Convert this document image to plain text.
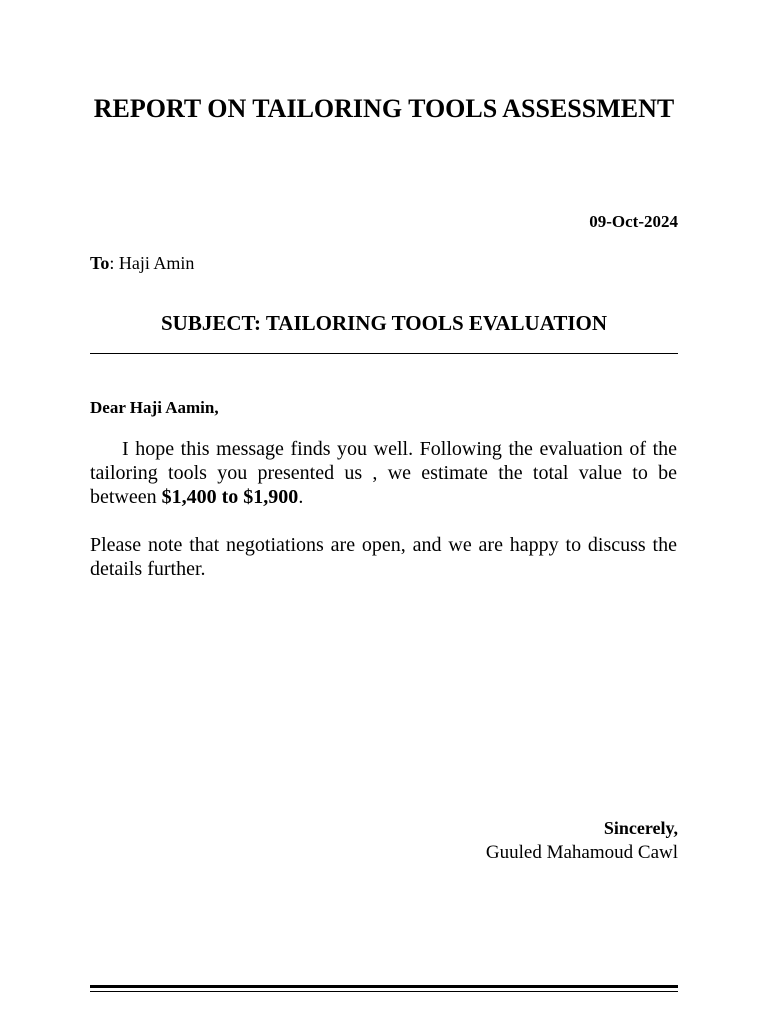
REPORT ON TAILORING TOOLS ASSESSMENT
09-Oct-2024
To: Haji Amin
SUBJECT: TAILORING TOOLS EVALUATION
Dear Haji Aamin,

I hope this message finds you well. Following the evaluation of the tailoring tools you presented us , we estimate the total value to be between $1,400 to $1,900.

Please note that negotiations are open, and we are happy to discuss the details further.

Sincerely,
Guuled Mahamoud Cawl
